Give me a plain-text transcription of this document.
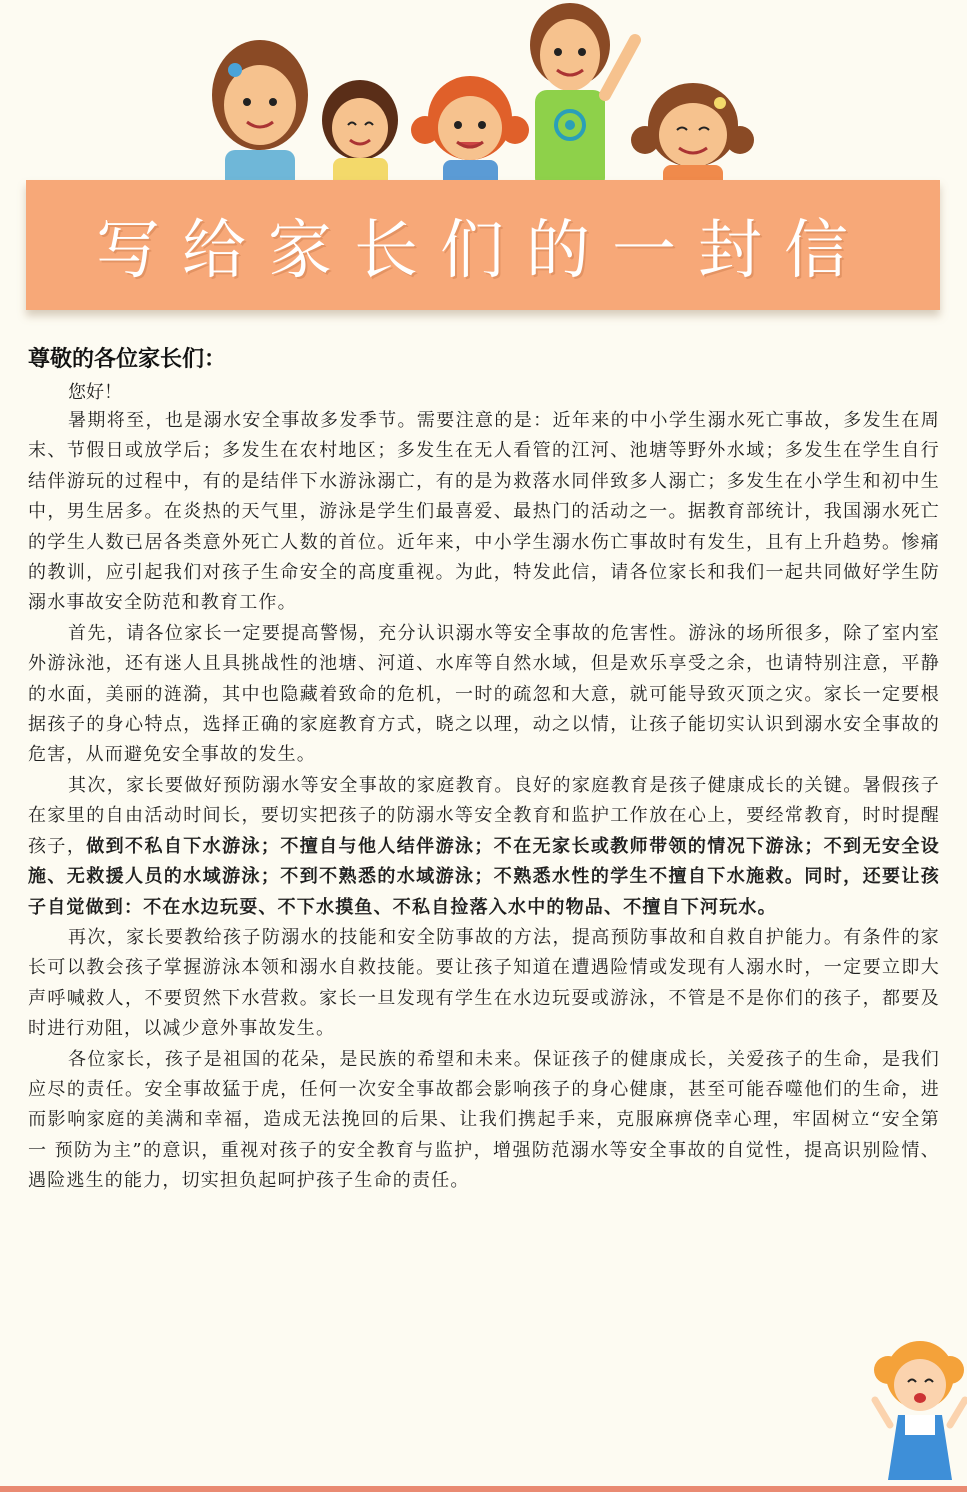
写给家长们的一封信

尊敬的各位家长们：

您好！

暑期将至，也是溺水安全事故多发季节。需要注意的是：近年来的中小学生溺水死亡事故，多发生在周末、节假日或放学后；多发生在农村地区；多发生在无人看管的江河、池塘等野外水域；多发生在学生自行结伴游玩的过程中，有的是结伴下水游泳溺亡，有的是为救落水同伴致多人溺亡；多发生在小学生和初中生中，男生居多。在炎热的天气里，游泳是学生们最喜爱、最热门的活动之一。据教育部统计，我国溺水死亡的学生人数已居各类意外死亡人数的首位。近年来，中小学生溺水伤亡事故时有发生，且有上升趋势。惨痛的教训，应引起我们对孩子生命安全的高度重视。为此，特发此信，请各位家长和我们一起共同做好学生防溺水事故安全防范和教育工作。

首先，请各位家长一定要提高警惕，充分认识溺水等安全事故的危害性。游泳的场所很多，除了室内室外游泳池，还有迷人且具挑战性的池塘、河道、水库等自然水域，但是欢乐享受之余，也请特别注意，平静的水面，美丽的涟漪，其中也隐藏着致命的危机，一时的疏忽和大意，就可能导致灭顶之灾。家长一定要根据孩子的身心特点，选择正确的家庭教育方式，晓之以理，动之以情，让孩子能切实认识到溺水安全事故的危害，从而避免安全事故的发生。

其次，家长要做好预防溺水等安全事故的家庭教育。良好的家庭教育是孩子健康成长的关键。暑假孩子在家里的自由活动时间长，要切实把孩子的防溺水等安全教育和监护工作放在心上，要经常教育，时时提醒孩子，做到不私自下水游泳；不擅自与他人结伴游泳；不在无家长或教师带领的情况下游泳；不到无安全设施、无救援人员的水域游泳；不到不熟悉的水域游泳；不熟悉水性的学生不擅自下水施救。同时，还要让孩子自觉做到：不在水边玩耍、不下水摸鱼、不私自捡落入水中的物品、不擅自下河玩水。

再次，家长要教给孩子防溺水的技能和安全防事故的方法，提高预防事故和自救自护能力。有条件的家长可以教会孩子掌握游泳本领和溺水自救技能。要让孩子知道在遭遇险情或发现有人溺水时，一定要立即大声呼喊救人，不要贸然下水营救。家长一旦发现有学生在水边玩耍或游泳，不管是不是你们的孩子，都要及时进行劝阻，以减少意外事故发生。

各位家长，孩子是祖国的花朵，是民族的希望和未来。保证孩子的健康成长，关爱孩子的生命，是我们应尽的责任。安全事故猛于虎，任何一次安全事故都会影响孩子的身心健康，甚至可能吞噬他们的生命，进而影响家庭的美满和幸福，造成无法挽回的后果、让我们携起手来，克服麻痹侥幸心理，牢固树立“安全第一 预防为主”的意识，重视对孩子的安全教育与监护，增强防范溺水等安全事故的自觉性，提高识别险情、遇险逃生的能力，切实担负起呵护孩子生命的责任。
